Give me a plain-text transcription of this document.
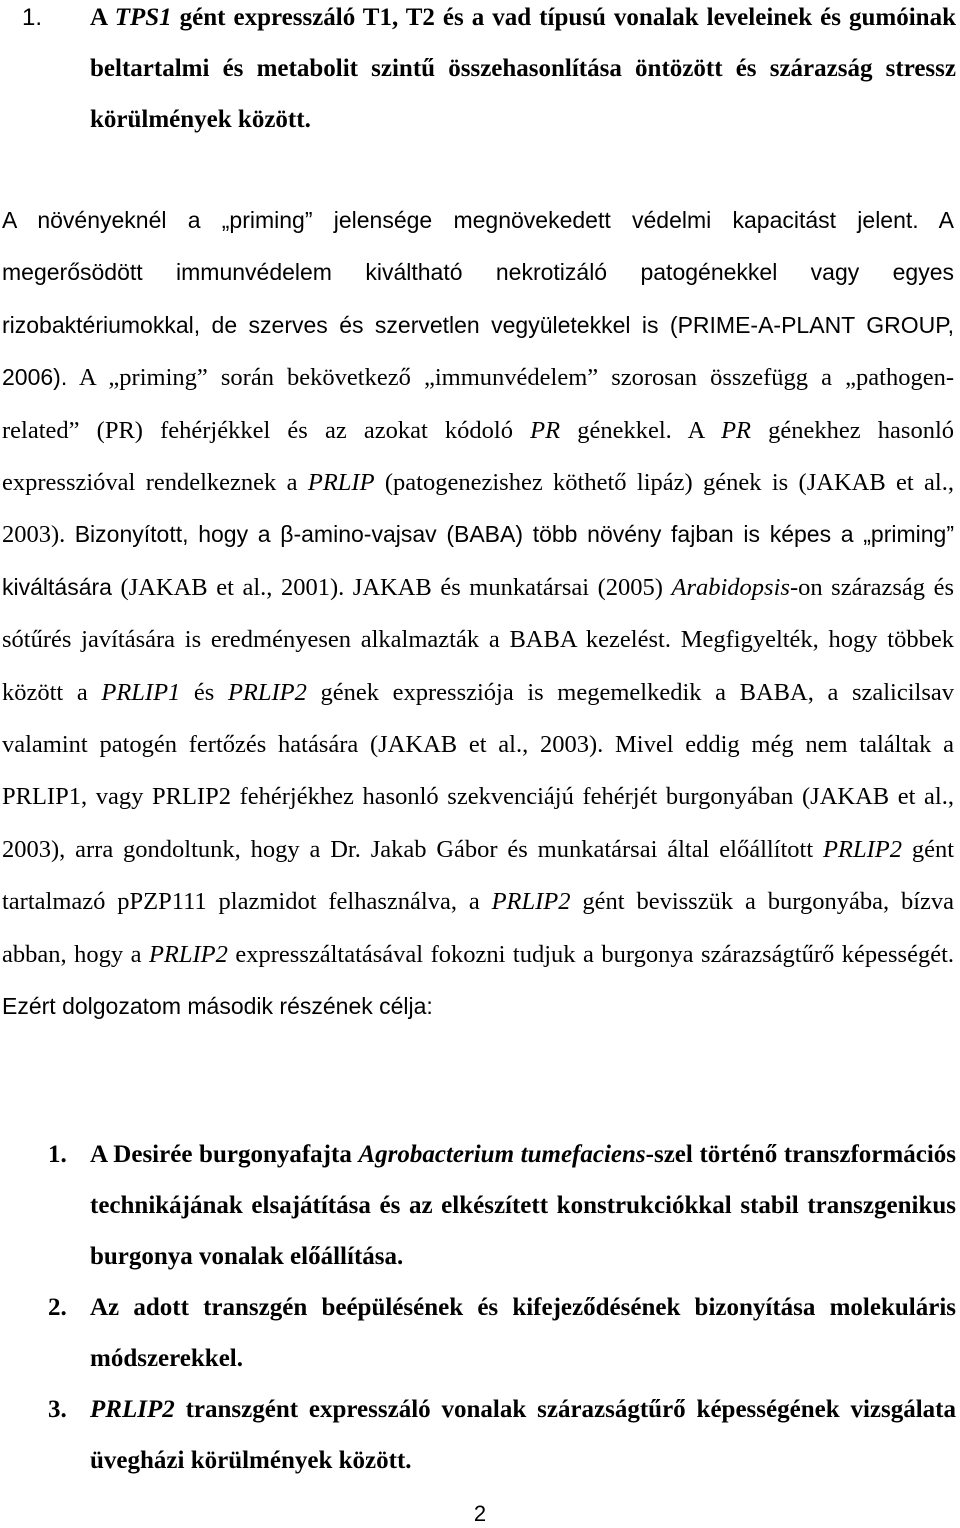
1. A TPS1 gént expresszáló T1, T2 és a vad típusú vonalak leveleinek és gumóinak beltartalmi és metabolit szintű összehasonlítása öntözött és szárazság stressz körülmények között.
A növényeknél a „priming” jelensége megnövekedett védelmi kapacitást jelent. A megerősödött immunvédelem kiváltható nekrotizáló patogénekkel vagy egyes rizobaktériumokkal, de szerves és szervetlen vegyületekkel is (PRIME-A-PLANT GROUP, 2006). A „priming” során bekövetkező „immunvédelem” szorosan összefügg a „pathogen-related” (PR) fehérjékkel és az azokat kódoló PR génekkel. A PR génekhez hasonló expresszióval rendelkeznek a PRLIP (patogenezishez köthető lipáz) gének is (JAKAB et al., 2003). Bizonyított, hogy a β-amino-vajsav (BABA) több növény fajban is képes a „priming” kiváltására (JAKAB et al., 2001). JAKAB és munkatársai (2005) Arabidopsis-on szárazság és sótűrés javítására is eredményesen alkalmazták a BABA kezelést. Megfigyelték, hogy többek között a PRLIP1 és PRLIP2 gének expressziója is megemelkedik a BABA, a szalicilsav valamint patogén fertőzés hatására (JAKAB et al., 2003). Mivel eddig még nem találtak a PRLIP1, vagy PRLIP2 fehérjékhez hasonló szekvenciájú fehérjét burgonyában (JAKAB et al., 2003), arra gondoltunk, hogy a Dr. Jakab Gábor és munkatársai által előállított PRLIP2 gént tartalmazó pPZP111 plazmidot felhasználva, a PRLIP2 gént bevisszük a burgonyába, bízva abban, hogy a PRLIP2 expresszáltatásával fokozni tudjuk a burgonya szárazságtűrő képességét. Ezért dolgozatom második részének célja:
1. A Desirée burgonyafajta Agrobacterium tumefaciens-szel történő transzformációs technikájának elsajátítása és az elkészített konstrukciókkal stabil transzgenikus burgonya vonalak előállítása.
2. Az adott transzgén beépülésének és kifejeződésének bizonyítása molekuláris módszerekkel.
3. PRLIP2 transzgént expresszáló vonalak szárazságtűrő képességének vizsgálata üvegházi körülmények között.
2
